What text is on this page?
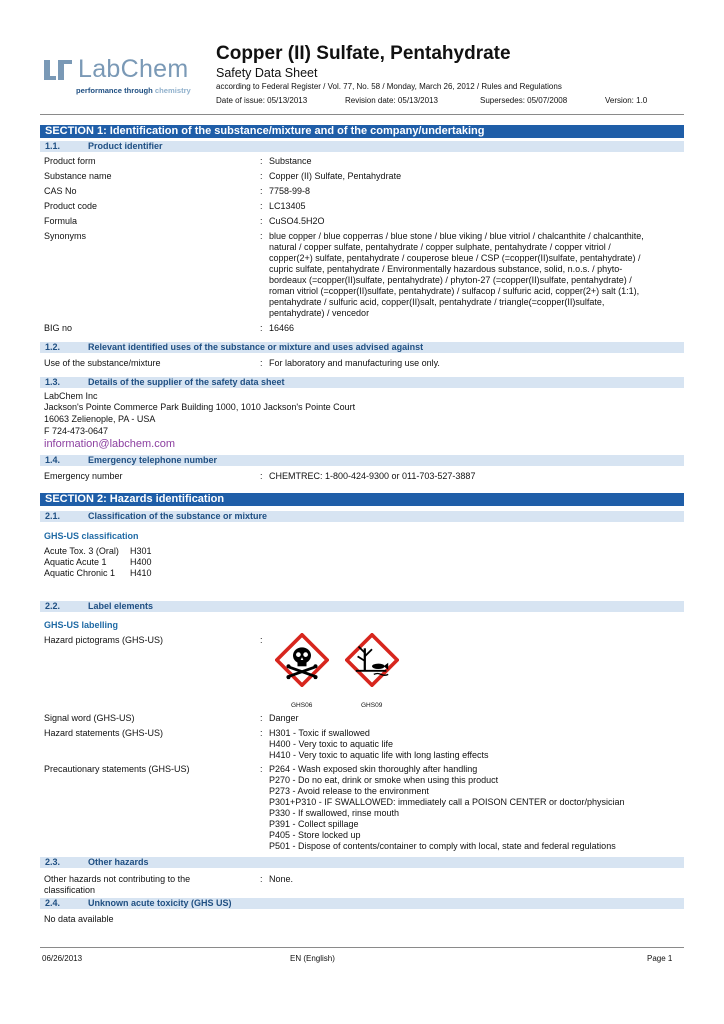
LabChem
performance through chemistry
Copper (II) Sulfate, Pentahydrate
Safety Data Sheet
according to Federal Register / Vol. 77, No. 58 / Monday, March 26, 2012 / Rules and Regulations
Date of issue: 05/13/2013	Revision date: 05/13/2013	Supersedes: 05/07/2008	Version: 1.0
SECTION 1: Identification of the substance/mixture and of the company/undertaking
1.1.	Product identifier
Product form	: Substance
Substance name	: Copper (II) Sulfate, Pentahydrate
CAS No	: 7758-99-8
Product code	: LC13405
Formula	: CuSO4.5H2O
Synonyms	: blue copper / blue copperras / blue stone / blue viking / blue vitriol / chalcanthite / chalcanthite,
natural / copper sulfate, pentahydrate / copper sulphate, pentahydrate / copper vitriol /
copper(2+) sulfate, pentahydrate / couperose bleue / CSP (=copper(II)sulfate, pentahydrate) /
cupric sulfate, pentahydrate / Environmentally hazardous substance, solid, n.o.s. / phyto-
bordeaux (=copper(II)sulfate, pentahydrate) / phyton-27 (=copper(II)sulfate, pentahydrate) /
roman vitriol (=copper(II)sulfate, pentahydrate) / sulfacop / sulfuric acid, copper(2+) salt (1:1),
pentahydrate / sulfuric acid, copper(II)salt, pentahydrate / triangle(=copper(II)sulfate,
pentahydrate) / vencedor
BIG no	: 16466
1.2.	Relevant identified uses of the substance or mixture and uses advised against
Use of the substance/mixture	: For laboratory and manufacturing use only.
1.3.	Details of the supplier of the safety data sheet
LabChem Inc
Jackson's Pointe Commerce Park Building 1000, 1010 Jackson's Pointe Court
16063 Zelienople, PA - USA
F 724-473-0647
information@labchem.com
1.4.	Emergency telephone number
Emergency number	: CHEMTREC: 1-800-424-9300 or 011-703-527-3887
SECTION 2: Hazards identification
2.1.	Classification of the substance or mixture
GHS-US classification
Acute Tox. 3 (Oral) H301
Aquatic Acute 1	H400
Aquatic Chronic 1 H410
2.2.	Label elements
GHS-US labelling
Hazard pictograms (GHS-US)	:
GHS06	GHS09
Signal word (GHS-US)	: Danger
Hazard statements (GHS-US)	: H301 - Toxic if swallowed
H400 - Very toxic to aquatic life
H410 - Very toxic to aquatic life with long lasting effects
Precautionary statements (GHS-US)	: P264 - Wash exposed skin thoroughly after handling
P270 - Do no eat, drink or smoke when using this product
P273 - Avoid release to the environment
P301+P310 - IF SWALLOWED: immediately call a POISON CENTER or doctor/physician
P330 - If swallowed, rinse mouth
P391 - Collect spillage
P405 - Store locked up
P501 - Dispose of contents/container to comply with local, state and federal regulations
2.3.	Other hazards
Other hazards not contributing to the
classification
: None.
2.4.	Unknown acute toxicity (GHS US)
No data available
06/26/2013	EN (English)	Page 1
